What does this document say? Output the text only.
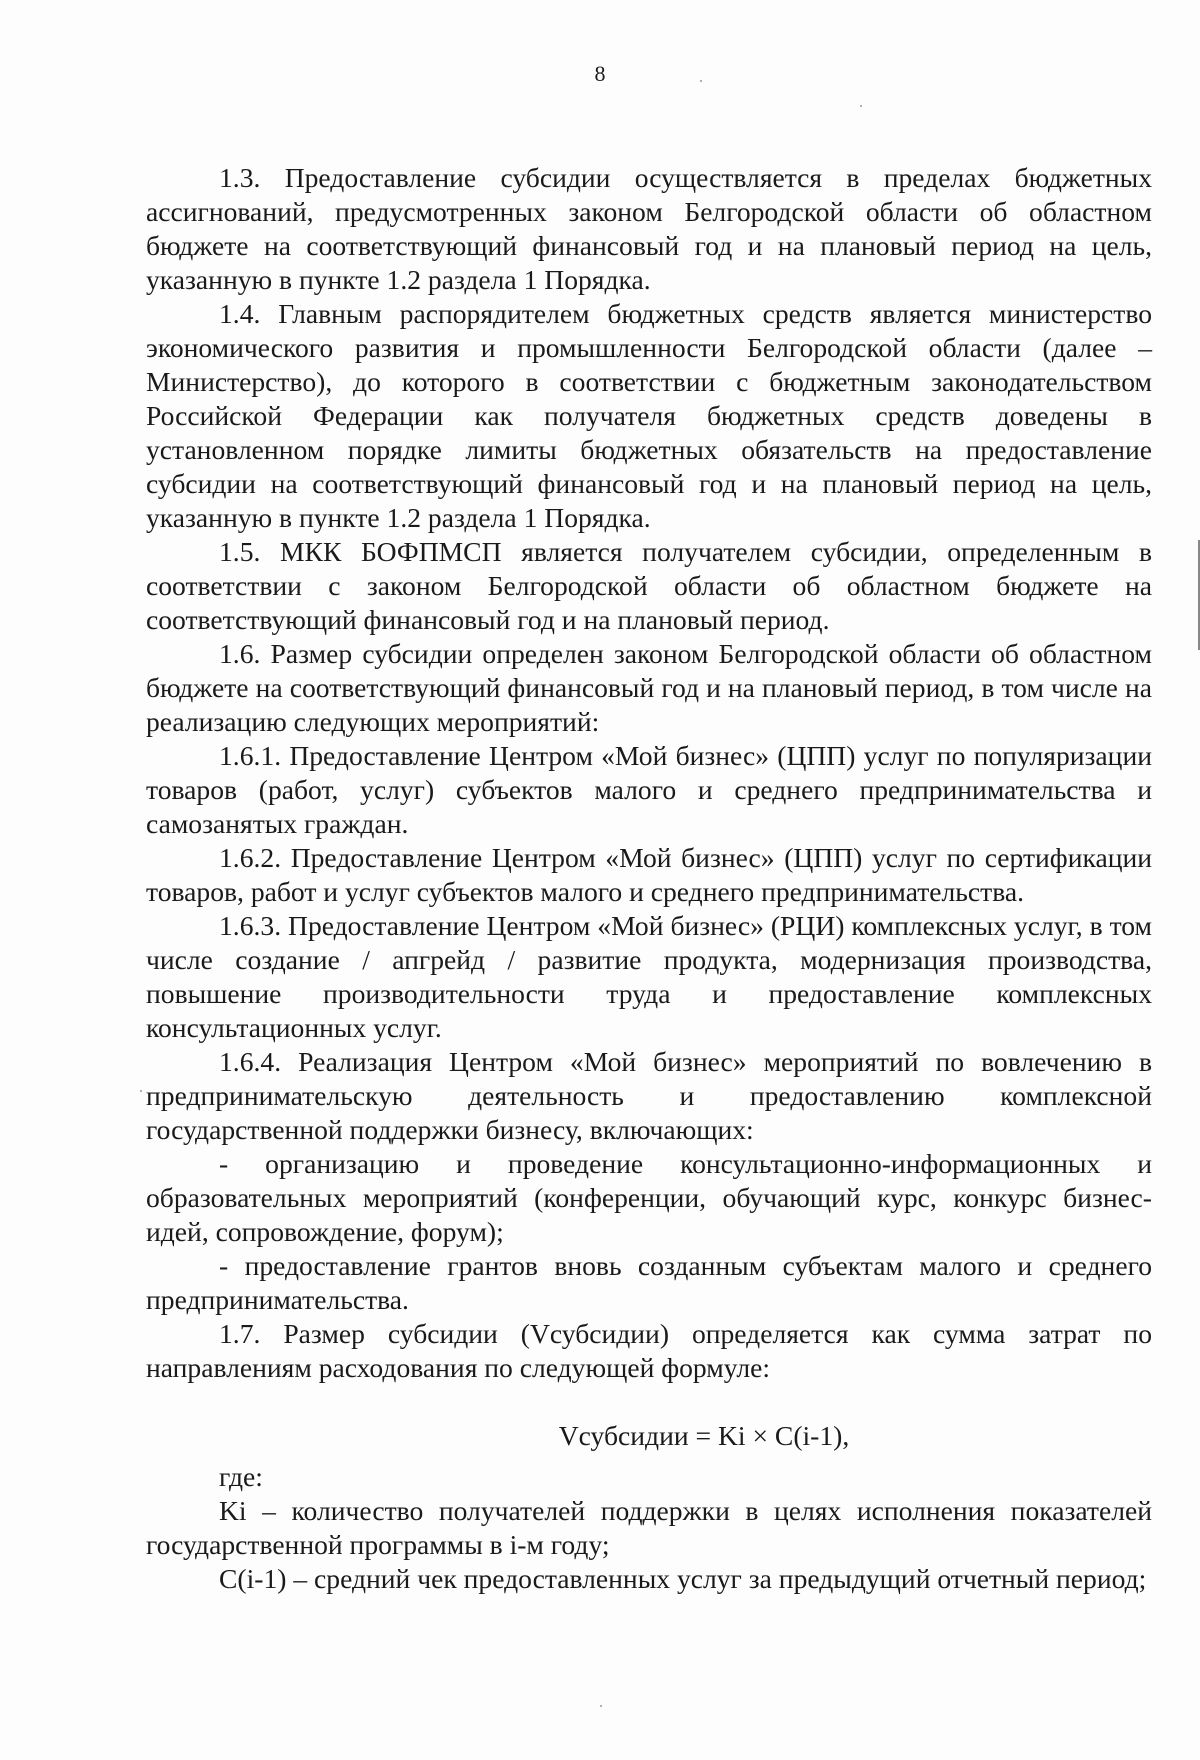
8

1.3. Предоставление субсидии осуществляется в пределах бюджетных ассигнований, предусмотренных законом Белгородской области об областном бюджете на соответствующий финансовый год и на плановый период на цель, указанную в пункте 1.2 раздела 1 Порядка.

1.4. Главным распорядителем бюджетных средств является министерство экономического развития и промышленности Белгородской области (далее – Министерство), до которого в соответствии с бюджетным законодательством Российской Федерации как получателя бюджетных средств доведены в установленном порядке лимиты бюджетных обязательств на предоставление субсидии на соответствующий финансовый год и на плановый период на цель, указанную в пункте 1.2 раздела 1 Порядка.

1.5. МКК БОФПМСП является получателем субсидии, определенным в соответствии с законом Белгородской области об областном бюджете на соответствующий финансовый год и на плановый период.

1.6. Размер субсидии определен законом Белгородской области об областном бюджете на соответствующий финансовый год и на плановый период, в том числе на реализацию следующих мероприятий:

1.6.1. Предоставление Центром «Мой бизнес» (ЦПП) услуг по популяризации товаров (работ, услуг) субъектов малого и среднего предпринимательства и самозанятых граждан.

1.6.2. Предоставление Центром «Мой бизнес» (ЦПП) услуг по сертификации товаров, работ и услуг субъектов малого и среднего предпринимательства.

1.6.3. Предоставление Центром «Мой бизнес» (РЦИ) комплексных услуг, в том числе создание / апгрейд / развитие продукта, модернизация производства, повышение производительности труда и предоставление комплексных консультационных услуг.

1.6.4. Реализация Центром «Мой бизнес» мероприятий по вовлечению в предпринимательскую деятельность и предоставлению комплексной государственной поддержки бизнесу, включающих:

- организацию и проведение консультационно-информационных и образовательных мероприятий (конференции, обучающий курс, конкурс бизнес-идей, сопровождение, форум);

- предоставление грантов вновь созданным субъектам малого и среднего предпринимательства.

1.7. Размер субсидии (Vсубсидии) определяется как сумма затрат по направлениям расходования по следующей формуле:

Vсубсидии = Ki × C(i-1),

где:

Ki – количество получателей поддержки в целях исполнения показателей государственной программы в i-м году;

C(i-1) – средний чек предоставленных услуг за предыдущий отчетный период;
